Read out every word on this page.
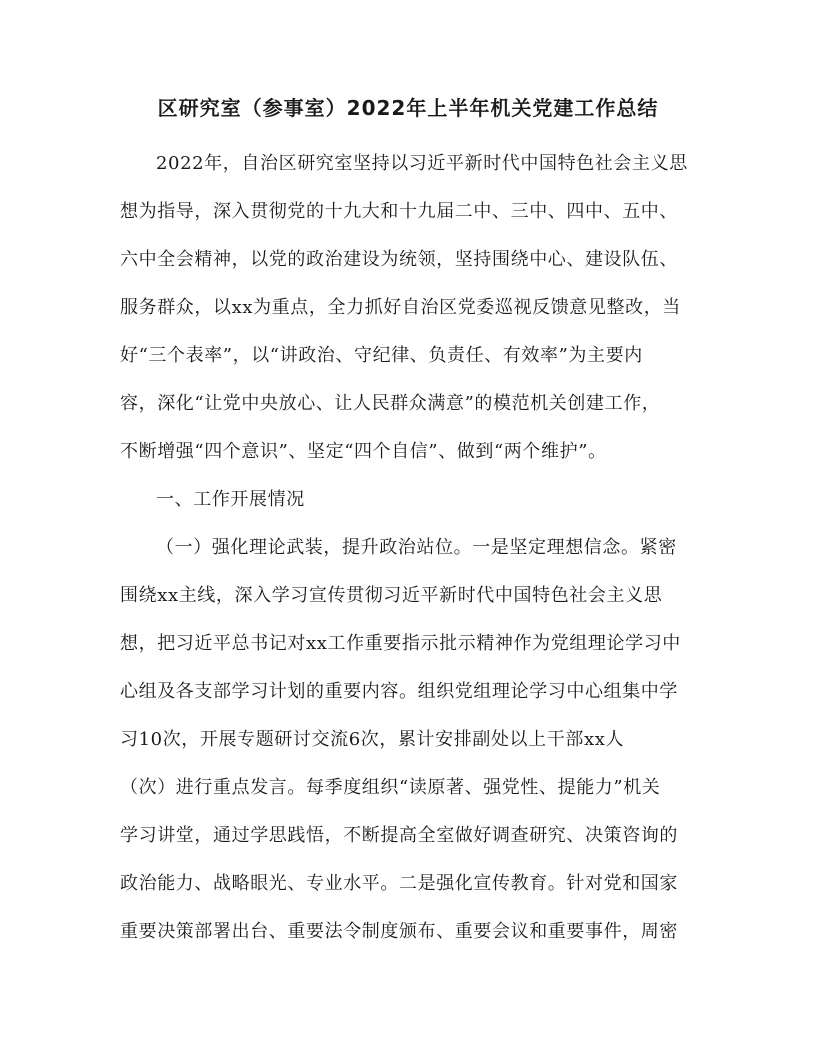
区研究室（参事室）2022年上半年机关党建工作总结
2022年，自治区研究室坚持以习近平新时代中国特色社会主义思
想为指导，深入贯彻党的十九大和十九届二中、三中、四中、五中、
六中全会精神，以党的政治建设为统领，坚持围绕中心、建设队伍、
服务群众，以xx为重点，全力抓好自治区党委巡视反馈意见整改，当
好“三个表率”，以“讲政治、守纪律、负责任、有效率”为主要内
容，深化“让党中央放心、让人民群众满意”的模范机关创建工作，
不断增强“四个意识”、坚定“四个自信”、做到“两个维护”。
一、工作开展情况
（一）强化理论武装，提升政治站位。一是坚定理想信念。紧密
围绕xx主线，深入学习宣传贯彻习近平新时代中国特色社会主义思
想，把习近平总书记对xx工作重要指示批示精神作为党组理论学习中
心组及各支部学习计划的重要内容。组织党组理论学习中心组集中学
习10次，开展专题研讨交流6次，累计安排副处以上干部xx人
（次）进行重点发言。每季度组织“读原著、强党性、提能力”机关
学习讲堂，通过学思践悟，不断提高全室做好调查研究、决策咨询的
政治能力、战略眼光、专业水平。二是强化宣传教育。针对党和国家
重要决策部署出台、重要法令制度颁布、重要会议和重要事件，周密
